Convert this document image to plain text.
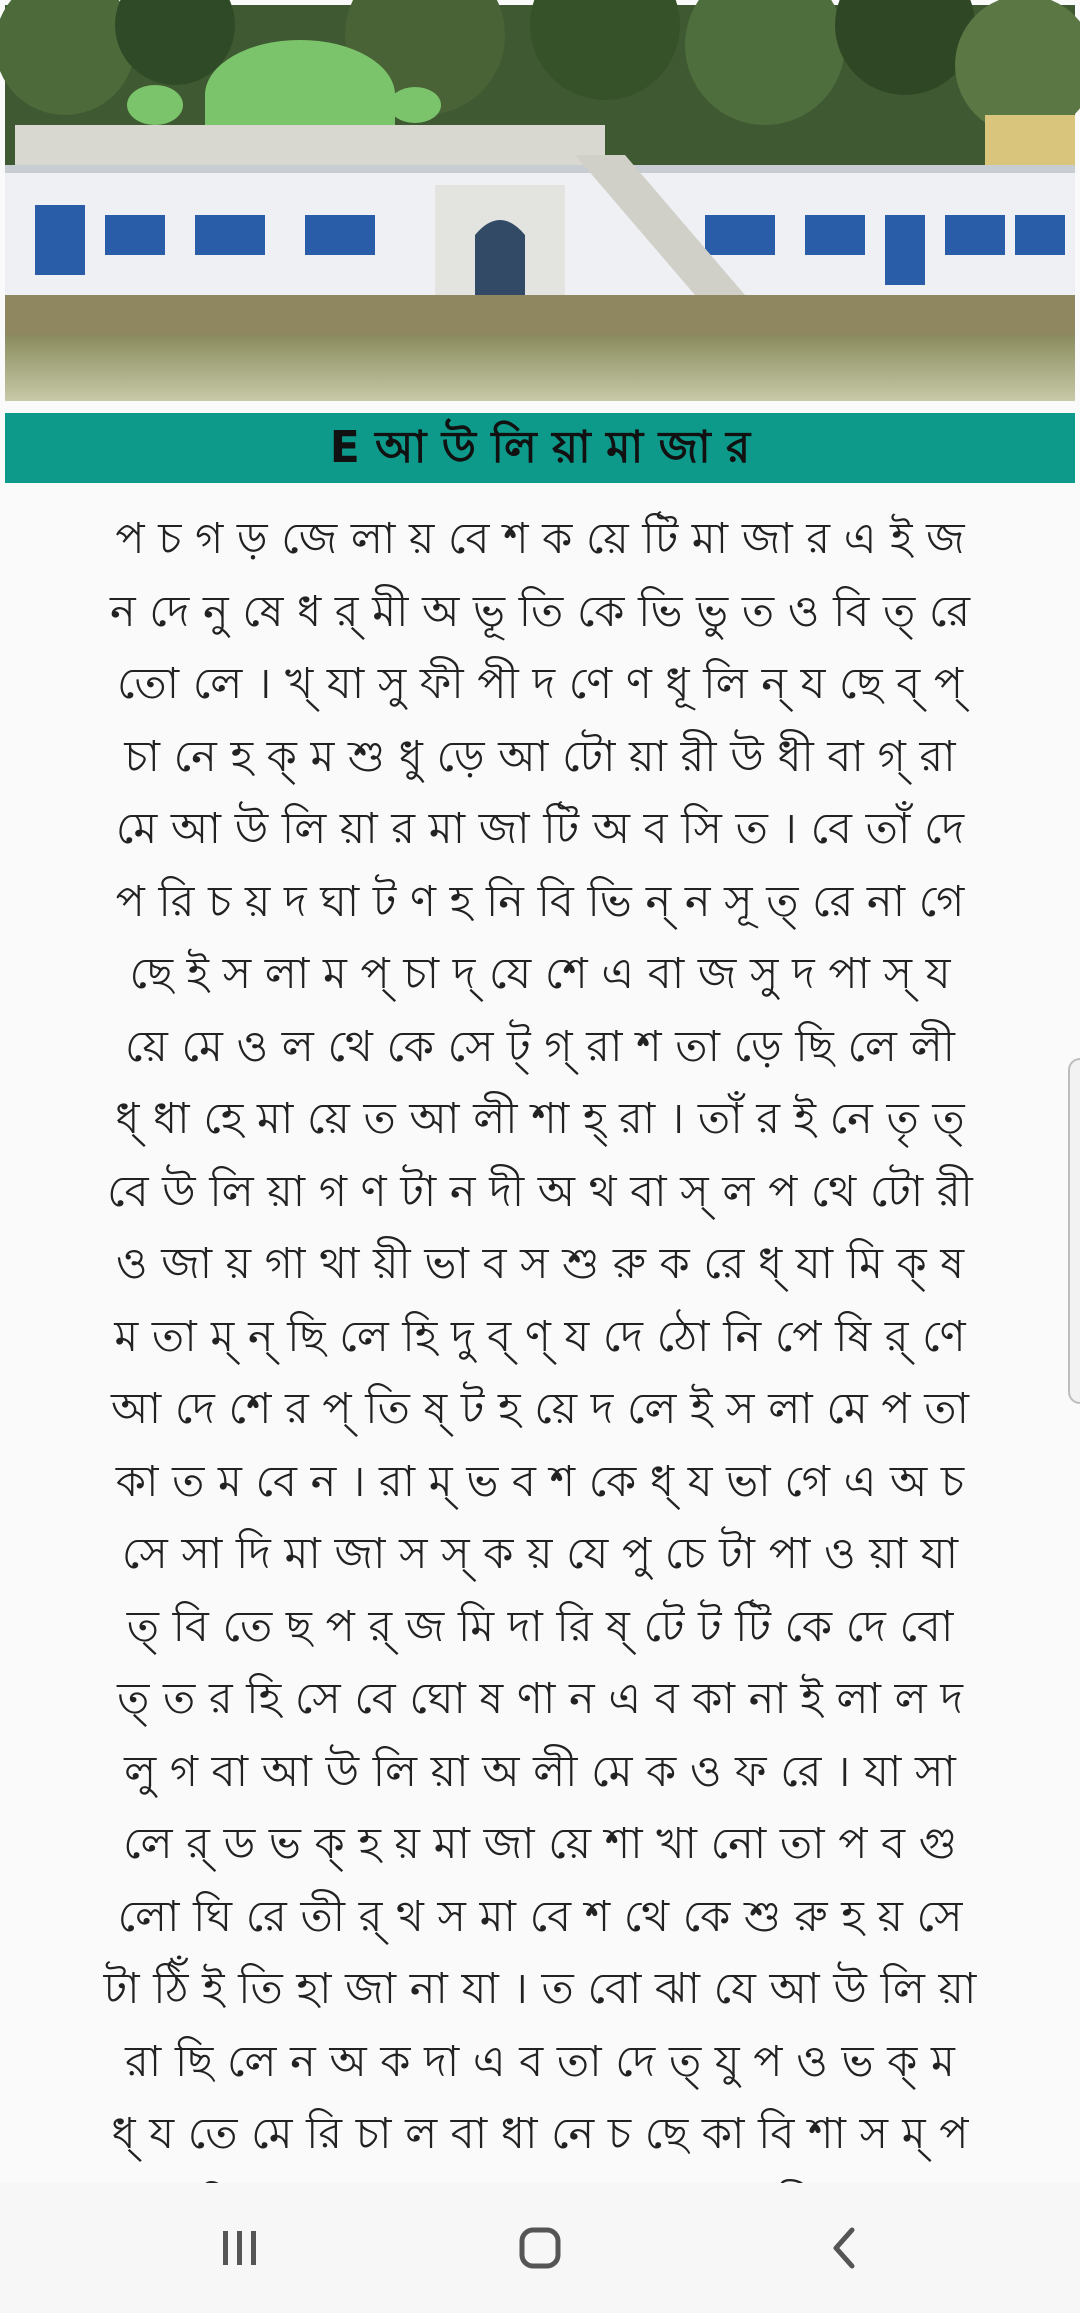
E আ উ লি য়া মা জা র
প চ গ ড় জে লা য় বে শ ক য়ে টি মা জা র এ ই জ
ন দে নু ষে ধ র্ মী অ ভূ তি কে ভি ভু ত ও বি ত্ রে
তো লে । খ্ যা সু ফী পী দ ণে ণ ধূ লি ন্ য ছে ব্ প্
চা নে হ ক্ ম শু ধু ড়ে আ টো য়া রী উ ধী বা গ্ রা
মে আ উ লি য়া র মা জা টি অ ব সি ত । বে তাঁ দে
প রি চ য় দ ঘা ট ণ হ নি বি ভি ন্ ন সূ ত্ রে না গে
ছে ই স লা ম প্ চা দ্ যে শে এ বা জ সু দ পা স্ য
য়ে মে ও ল থে কে সে ট্ গ্ রা শ তা ড়ে ছি লে লী
ধ্ ধা হে মা য়ে ত আ লী শা হ্ রা । তাঁ র ই নে তৃ ত্
বে উ লি য়া গ ণ টা ন দী অ থ বা স্ ল প থে টো রী
ও জা য় গা থা য়ী ভা ব স শু রু ক রে ধ্ যা মি ক্ ষ
ম তা ম্ ন্ ছি লে হি দু ব্ ণ্ য দে ঠো নি পে ষি র্ ণে
আ দে শে র প্ তি ষ্ ট হ য়ে দ লে ই স লা মে প তা
কা ত ম বে ন । রা ম্ ভ ব শ কে ধ্ য ভা গে এ অ চ
সে সা দি মা জা স স্ ক য় যে পু চে টা পা ও য়া যা
ত্ বি তে ছ প র্ জ মি দা রি ষ্ টে ট টি কে দে বো
ত্ ত র হি সে বে ঘো ষ ণা ন এ ব কা না ই লা ল দ
লু গ বা আ উ লি য়া অ লী মে ক ও ফ রে । যা সা
লে র্ ড ভ ক্ হ য় মা জা য়ে শা খা নো তা প ব গু
লো ঘি রে তী র্ থ স মা বে শ থে কে শু রু হ য় সে
টা ঠিঁ ই তি হা জা না যা । ত বো ঝা যে আ উ লি য়া
রা ছি লে ন অ ক দা এ ব তা দে ত্ যু প ও ভ ক্ ম
ধ্ য তে মে রি চা ল বা ধা নে চ ছে কা বি শা স ম্ প
